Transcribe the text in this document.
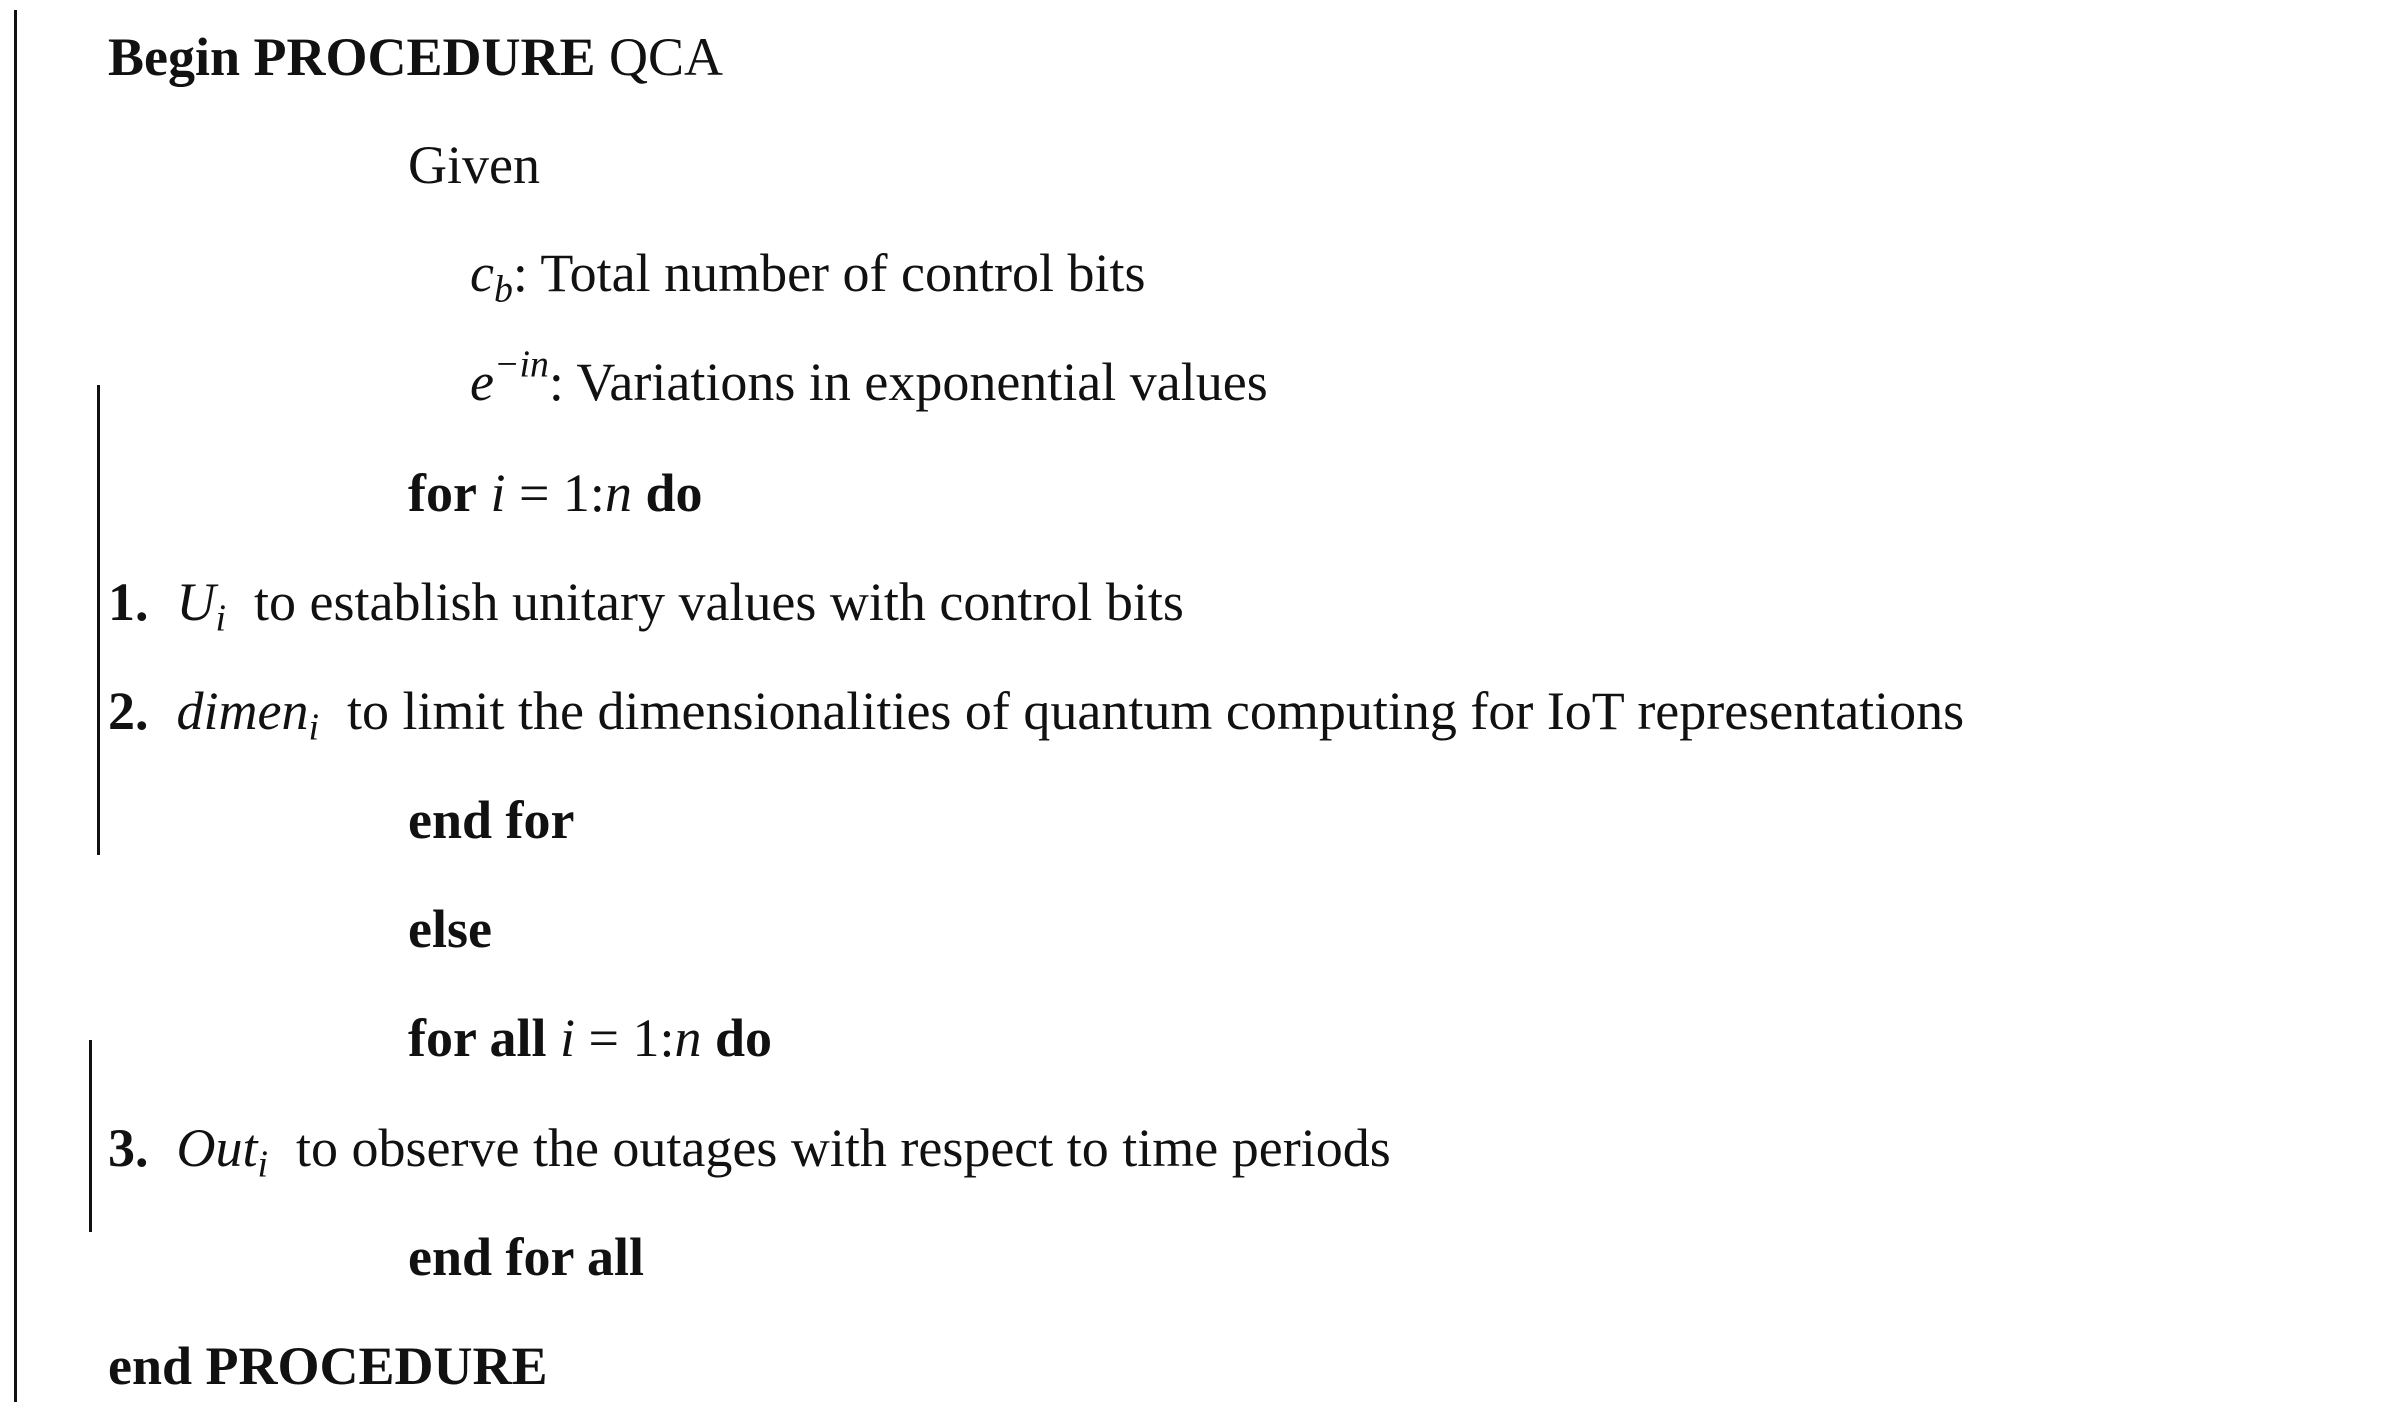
Begin PROCEDURE QCA
Given
$c_b$: Total number of control bits
$e^{-in}$: Variations in exponential values
for i = 1:n do
1. $U_i$ to establish unitary values with control bits
2. dimen$_i$ to limit the dimensionalities of quantum computing for IoT representations
end for
else
for all i = 1:n do
3. Out$_i$ to observe the outages with respect to time periods
end for all
end PROCEDURE
